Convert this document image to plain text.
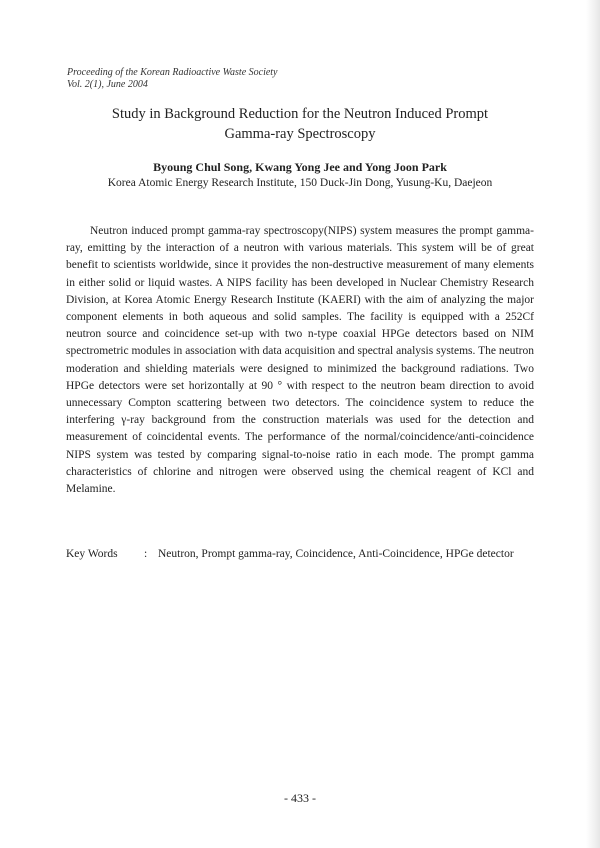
Proceeding of the Korean Radioactive Waste Society
Vol. 2(1), June 2004
Study in Background Reduction for the Neutron Induced Prompt
Gamma-ray Spectroscopy
Byoung Chul Song, Kwang Yong Jee and Yong Joon Park
Korea Atomic Energy Research Institute, 150 Duck-Jin Dong, Yusung-Ku, Daejeon

Neutron induced prompt gamma-ray spectroscopy(NIPS) system measures the prompt gamma-ray, emitting by the interaction of a neutron with various materials. This system will be of great benefit to scientists worldwide, since it provides the non-destructive measurement of many elements in either solid or liquid wastes. A NIPS facility has been developed in Nuclear Chemistry Research Division, at Korea Atomic Energy Research Institute (KAERI) with the aim of analyzing the major component elements in both aqueous and solid samples. The facility is equipped with a 252Cf neutron source and coincidence set-up with two n-type coaxial HPGe detectors based on NIM spectrometric modules in association with data acquisition and spectral analysis systems. The neutron moderation and shielding materials were designed to minimized the background radiations. Two HPGe detectors were set horizontally at 90 ° with respect to the neutron beam direction to avoid unnecessary Compton scattering between two detectors. The coincidence system to reduce the interfering γ-ray background from the construction materials was used for the detection and measurement of coincidental events. The performance of the normal/coincidence/anti-coincidence NIPS system was tested by comparing signal-to-noise ratio in each mode. The prompt gamma characteristics of chlorine and nitrogen were observed using the chemical reagent of KCl and Melamine.

Key Words	: Neutron, Prompt gamma-ray, Coincidence, Anti-Coincidence, HPGe detector
- 433 -
